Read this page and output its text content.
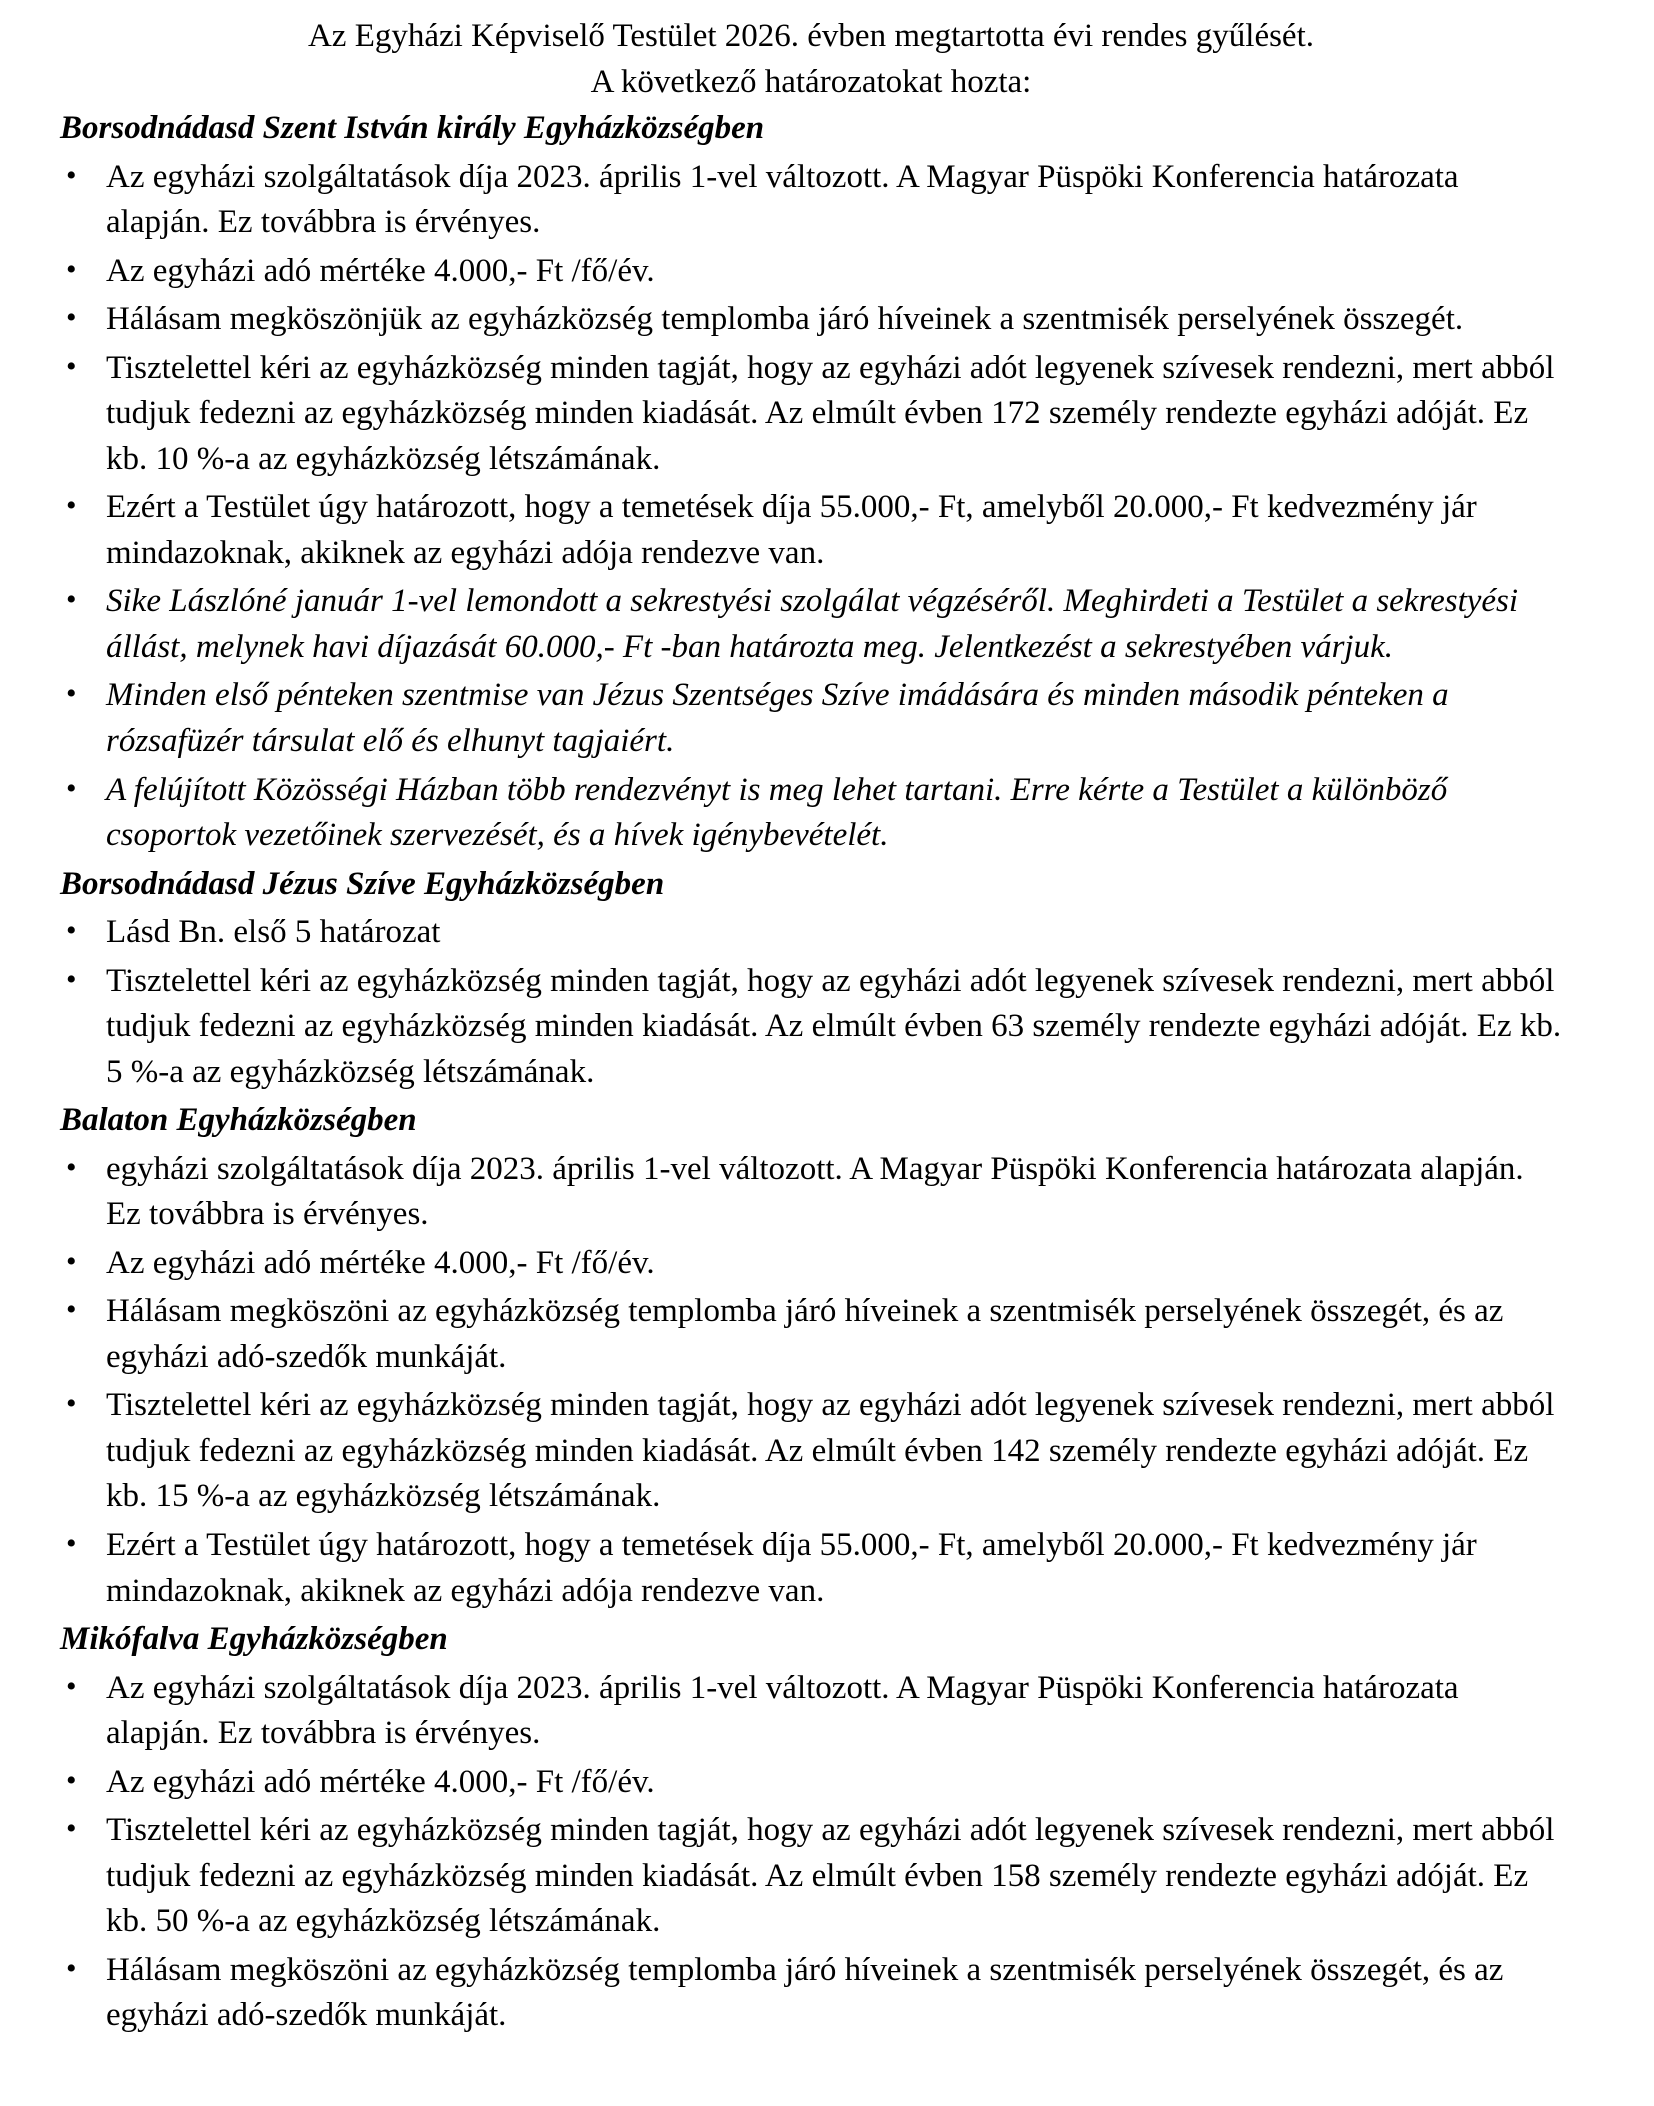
Az Egyházi Képviselő Testület 2026. évben megtartotta évi rendes gyűlését.
A következő határozatokat hozta:
Borsodnádasd Szent István király Egyházközségben
• Az egyházi szolgáltatások díja 2023. április 1-vel változott. A Magyar Püspöki Konferencia határozata alapján. Ez továbbra is érvényes.
• Az egyházi adó mértéke 4.000,- Ft /fő/év.
• Hálásam megköszönjük az egyházközség templomba járó híveinek a szentmisék perselyének összegét.
• Tisztelettel kéri az egyházközség minden tagját, hogy az egyházi adót legyenek szívesek rendezni, mert abból tudjuk fedezni az egyházközség minden kiadását. Az elmúlt évben 172 személy rendezte egyházi adóját. Ez kb. 10 %-a az egyházközség létszámának.
• Ezért a Testület úgy határozott, hogy a temetések díja 55.000,- Ft, amelyből 20.000,- Ft kedvezmény jár mindazoknak, akiknek az egyházi adója rendezve van.
• Sike Lászlóné január 1-vel lemondott a sekrestyési szolgálat végzéséről. Meghirdeti a Testület a sekrestyési állást, melynek havi díjazását 60.000,- Ft -ban határozta meg. Jelentkezést a sekrestyében várjuk.
• Minden első pénteken szentmise van Jézus Szentséges Szíve imádására és minden második pénteken a rózsafüzér társulat elő és elhunyt tagjaiért.
• A felújított Közösségi Házban több rendezvényt is meg lehet tartani. Erre kérte a Testület a különböző csoportok vezetőinek szervezését, és a hívek igénybevételét.
Borsodnádasd Jézus Szíve Egyházközségben
• Lásd Bn. első 5 határozat
• Tisztelettel kéri az egyházközség minden tagját, hogy az egyházi adót legyenek szívesek rendezni, mert abból tudjuk fedezni az egyházközség minden kiadását. Az elmúlt évben 63 személy rendezte egyházi adóját. Ez kb. 5 %-a az egyházközség létszámának.
Balaton Egyházközségben
• egyházi szolgáltatások díja 2023. április 1-vel változott. A Magyar Püspöki Konferencia határozata alapján. Ez továbbra is érvényes.
• Az egyházi adó mértéke 4.000,- Ft /fő/év.
• Hálásam megköszöni az egyházközség templomba járó híveinek a szentmisék perselyének összegét, és az egyházi adó-szedők munkáját.
• Tisztelettel kéri az egyházközség minden tagját, hogy az egyházi adót legyenek szívesek rendezni, mert abból tudjuk fedezni az egyházközség minden kiadását. Az elmúlt évben 142 személy rendezte egyházi adóját. Ez kb. 15 %-a az egyházközség létszámának.
• Ezért a Testület úgy határozott, hogy a temetések díja 55.000,- Ft, amelyből 20.000,- Ft kedvezmény jár mindazoknak, akiknek az egyházi adója rendezve van.
Mikófalva Egyházközségben
• Az egyházi szolgáltatások díja 2023. április 1-vel változott. A Magyar Püspöki Konferencia határozata alapján. Ez továbbra is érvényes.
• Az egyházi adó mértéke 4.000,- Ft /fő/év.
• Tisztelettel kéri az egyházközség minden tagját, hogy az egyházi adót legyenek szívesek rendezni, mert abból tudjuk fedezni az egyházközség minden kiadását. Az elmúlt évben 158 személy rendezte egyházi adóját. Ez kb. 50 %-a az egyházközség létszámának.
• Hálásam megköszöni az egyházközség templomba járó híveinek a szentmisék perselyének összegét, és az egyházi adó-szedők munkáját.
